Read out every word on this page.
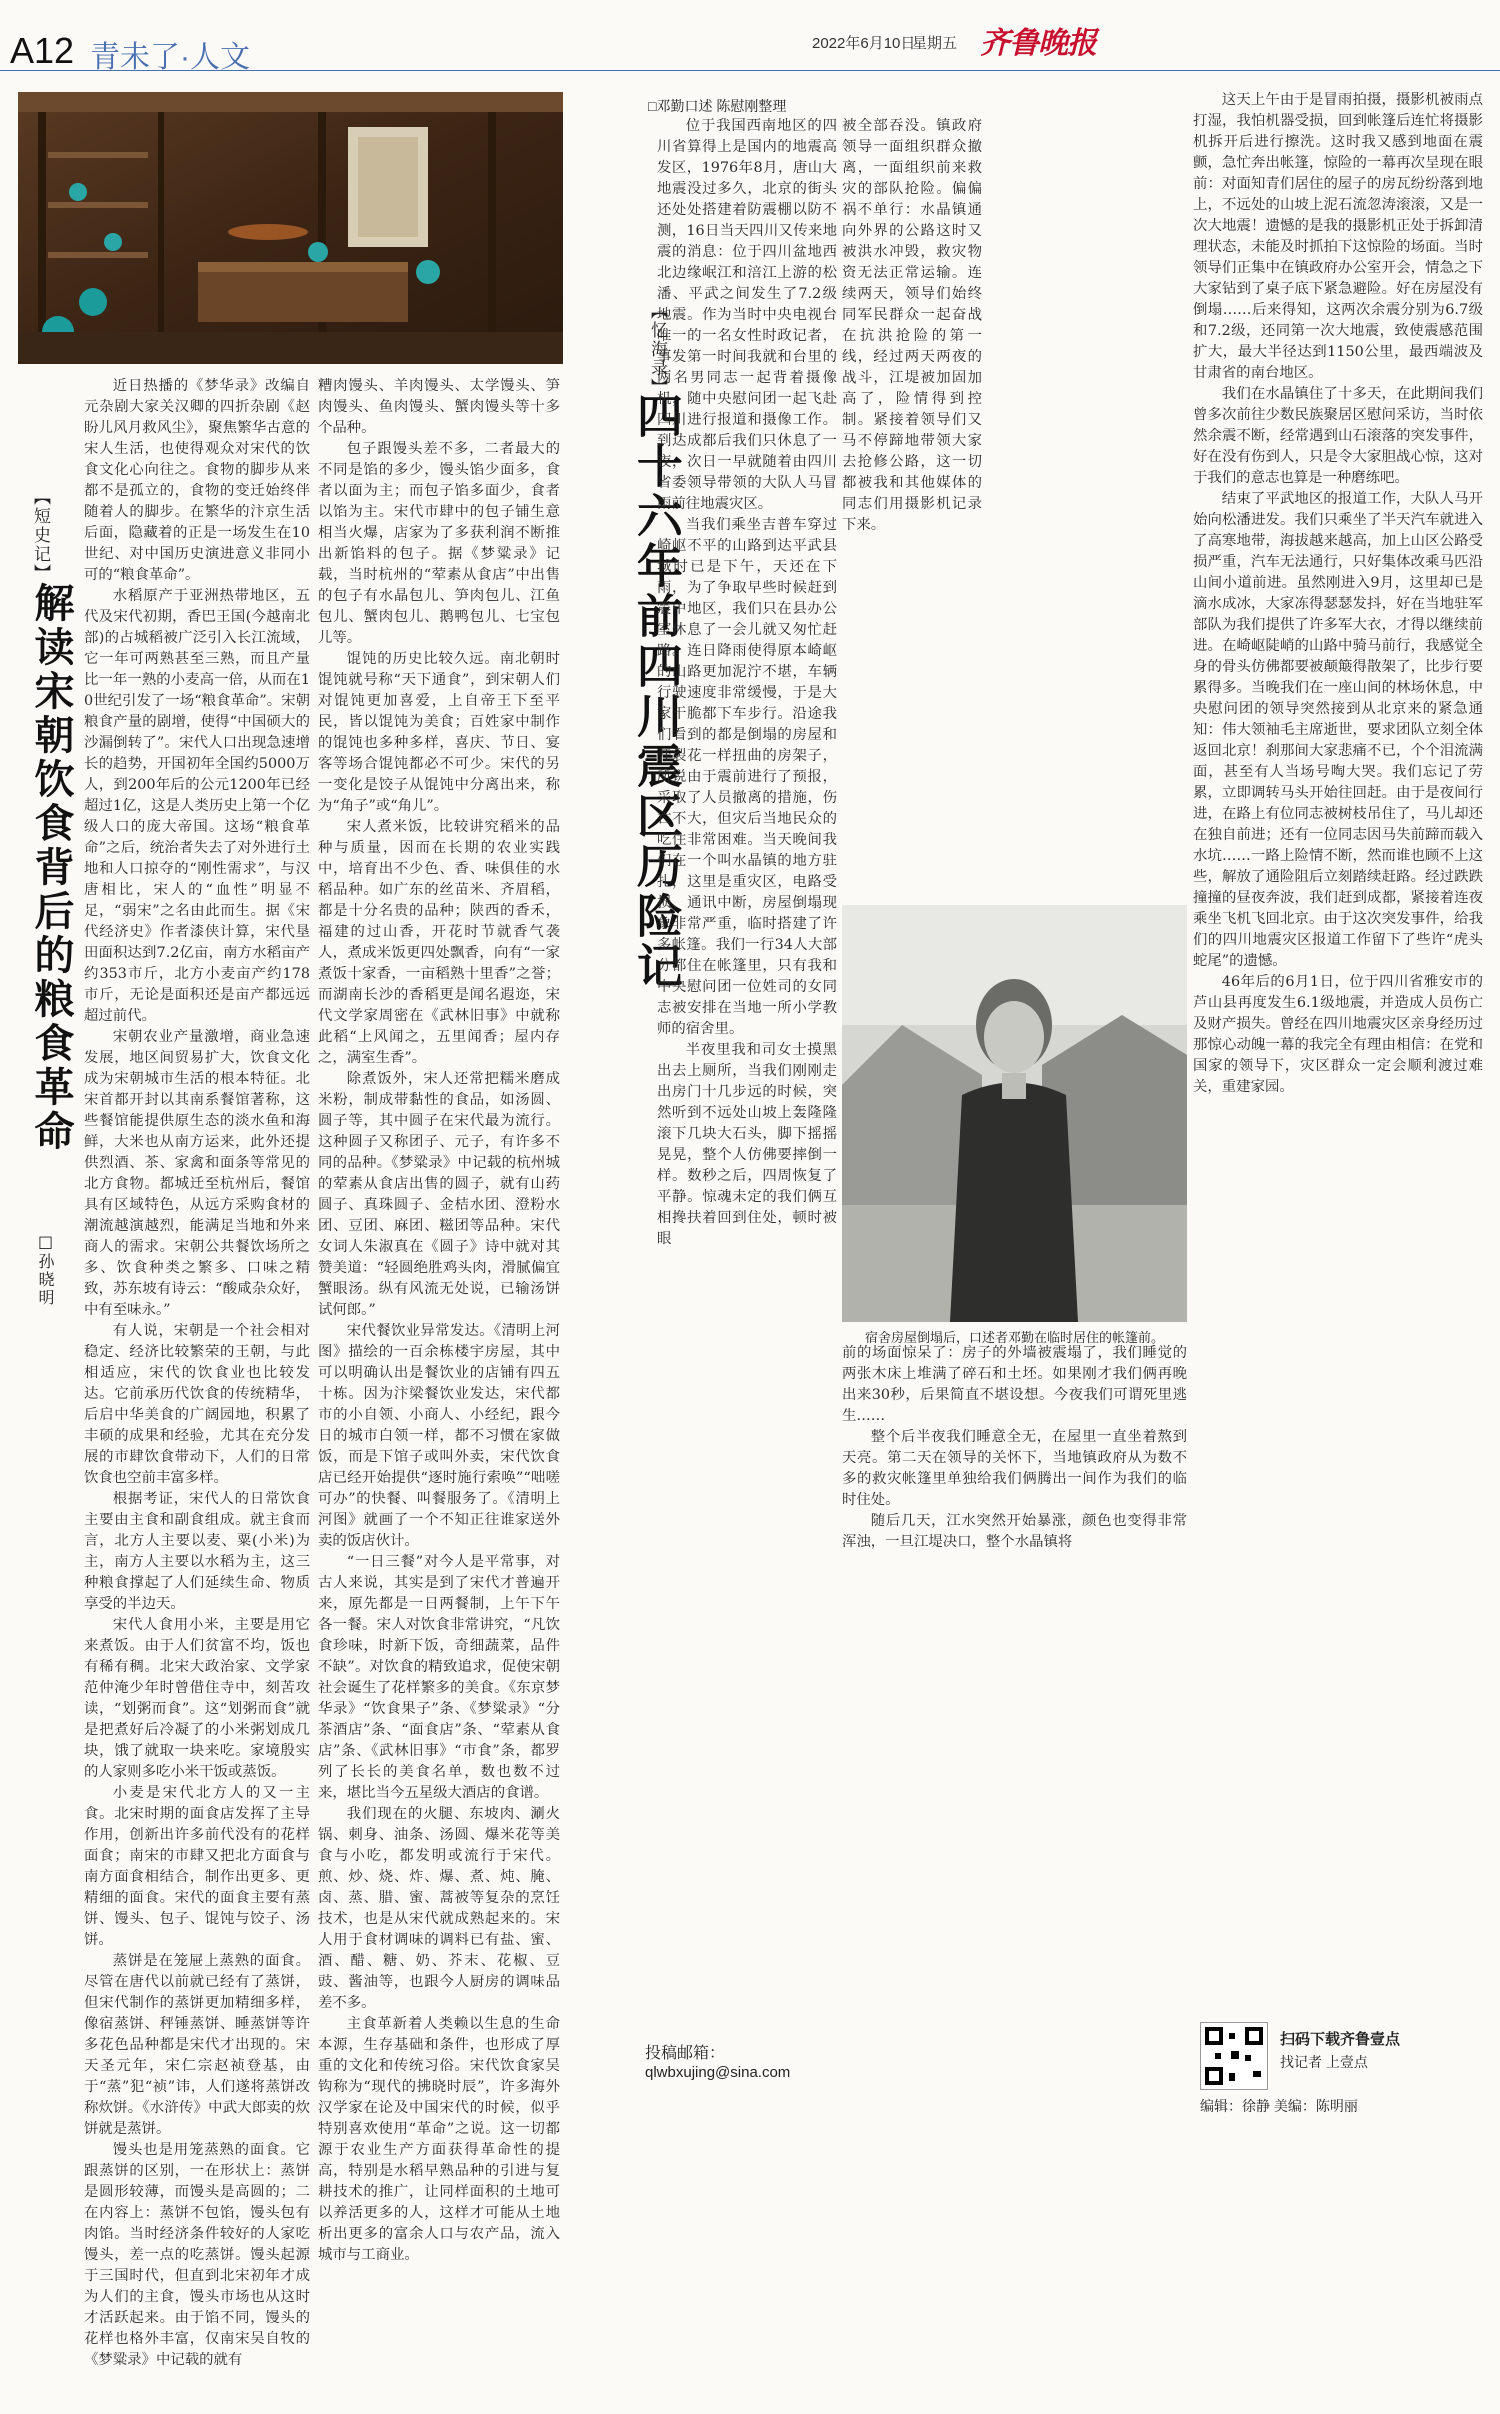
A12 青未了·人文	2022年6月10日
星期五 齐鲁晚报
【短史记】
解读宋朝饮食背后的粮食革命
□孙晓明

近日热播的《梦华录》改编自元杂剧大家关汉卿的四折杂剧《赵盼儿风月救风尘》，聚焦繁华古意的宋人生活，也使得观众对宋代的饮食文化心向往之。食物的脚步从来都不是孤立的，食物的变迁始终伴随着人的脚步。在繁华的汴京生活后面，隐藏着的正是一场发生在10世纪、对中国历史演进意义非同小可的“粮食革命”。

水稻原产于亚洲热带地区，五代及宋代初期，香巴王国(今越南北部)的占城稻被广泛引入长江流域，它一年可两熟甚至三熟，而且产量比一年一熟的小麦高一倍，从而在10世纪引发了一场“粮食革命”。宋朝粮食产量的剧增，使得“中国硕大的沙漏倒转了”。宋代人口出现急速增长的趋势，开国初年全国约5000万人，到200年后的公元1200年已经超过1亿，这是人类历史上第一个亿级人口的庞大帝国。这场“粮食革命”之后，统治者失去了对外进行土地和人口掠夺的“刚性需求”，与汉唐相比，宋人的“血性”明显不足，“弱宋”之名由此而生。据《宋代经济史》作者漆侠计算，宋代垦田面积达到7.2亿亩，南方水稻亩产约353市斤，北方小麦亩产约178市斤，无论是面积还是亩产都远远超过前代。

宋朝农业产量激增，商业急速发展，地区间贸易扩大，饮食文化成为宋朝城市生活的根本特征。北宋首都开封以其南系餐馆著称，这些餐馆能提供原生态的淡水鱼和海鲜，大米也从南方运来，此外还提供烈酒、茶、家禽和面条等常见的北方食物。都城迁至杭州后，餐馆具有区域特色，从远方采购食材的潮流越演越烈，能满足当地和外来商人的需求。宋朝公共餐饮场所之多、饮食种类之繁多、口味之精致，苏东坡有诗云：“酸咸杂众好，中有至味永。”

有人说，宋朝是一个社会相对稳定、经济比较繁荣的王朝，与此相适应，宋代的饮食业也比较发达。它前承历代饮食的传统精华，后启中华美食的广阔园地，积累了丰硕的成果和经验，尤其在充分发展的市肆饮食带动下，人们的日常饮食也空前丰富多样。

根据考证，宋代人的日常饮食主要由主食和副食组成。就主食而言，北方人主要以麦、粟(小米)为主，南方人主要以水稻为主，这三种粮食撑起了人们延续生命、物质享受的半边天。

宋代人食用小米，主要是用它来煮饭。由于人们贫富不均，饭也有稀有稠。北宋大政治家、文学家范仲淹少年时曾借住寺中，刻苦攻读，“划粥而食”。这“划粥而食”就是把煮好后冷凝了的小米粥划成几块，饿了就取一块来吃。家境殷实的人家则多吃小米干饭或蒸饭。

小麦是宋代北方人的又一主食。北宋时期的面食店发挥了主导作用，创新出许多前代没有的花样面食；南宋的市肆又把北方面食与南方面食相结合，制作出更多、更精细的面食。宋代的面食主要有蒸饼、馒头、包子、馄饨与饺子、汤饼。

蒸饼是在笼屉上蒸熟的面食。尽管在唐代以前就已经有了蒸饼，但宋代制作的蒸饼更加精细多样，像宿蒸饼、秤锤蒸饼、睡蒸饼等许多花色品种都是宋代才出现的。宋天圣元年，宋仁宗赵祯登基，由于“蒸”犯“祯”讳，人们遂将蒸饼改称炊饼。《水浒传》中武大郎卖的炊饼就是蒸饼。

馒头也是用笼蒸熟的面食。它跟蒸饼的区别，一在形状上：蒸饼是圆形较薄，而馒头是高圆的；二在内容上：蒸饼不包馅，馒头包有肉馅。当时经济条件较好的人家吃馒头，差一点的吃蒸饼。馒头起源于三国时代，但直到北宋初年才成为人们的主食，馒头市场也从这时才活跃起来。由于馅不同，馒头的花样也格外丰富，仅南宋吴自牧的《梦粱录》中记载的就有

糟肉馒头、羊肉馒头、太学馒头、笋肉馒头、鱼肉馒头、蟹肉馒头等十多个品种。

包子跟馒头差不多，二者最大的不同是馅的多少，馒头馅少面多，食者以面为主；而包子馅多面少，食者以馅为主。宋代市肆中的包子铺生意相当火爆，店家为了多获利润不断推出新馅料的包子。据《梦粱录》记载，当时杭州的“荤素从食店”中出售的包子有水晶包儿、笋肉包儿、江鱼包儿、蟹肉包儿、鹅鸭包儿、七宝包儿等。

馄饨的历史比较久远。南北朝时馄饨就号称“天下通食”，到宋朝人们对馄饨更加喜爱，上自帝王下至平民，皆以馄饨为美食；百姓家中制作的馄饨也多种多样，喜庆、节日、宴客等场合馄饨都必不可少。宋代的另一变化是饺子从馄饨中分离出来，称为“角子”或“角儿”。

宋人煮米饭，比较讲究稻米的品种与质量，因而在长期的农业实践中，培育出不少色、香、味俱佳的水稻品种。如广东的丝苗米、齐眉稻，都是十分名贵的品种；陕西的香禾，福建的过山香，开花时节就香气袭人，煮成米饭更四处飘香，向有“一家煮饭十家香，一亩稻熟十里香”之誉；而湖南长沙的香稻更是闻名遐迩，宋代文学家周密在《武林旧事》中就称此稻“上风闻之，五里闻香；屋内存之，满室生香”。

除煮饭外，宋人还常把糯米磨成米粉，制成带黏性的食品，如汤圆、圆子等，其中圆子在宋代最为流行。这种圆子又称团子、元子，有许多不同的品种。《梦粱录》中记载的杭州城的荤素从食店出售的圆子，就有山药圆子、真珠圆子、金桔水团、澄粉水团、豆团、麻团、糍团等品种。宋代女词人朱淑真在《圆子》诗中就对其赞美道：“轻圆绝胜鸡头肉，滑腻偏宜蟹眼汤。纵有风流无处说，已输汤饼试何郎。”

宋代餐饮业异常发达。《清明上河图》描绘的一百余栋楼宇房屋，其中可以明确认出是餐饮业的店铺有四五十栋。因为汴梁餐饮业发达，宋代都市的小自领、小商人、小经纪，跟今日的城市白领一样，都不习惯在家做饭，而是下馆子或叫外卖，宋代饮食店已经开始提供“逐时施行索唤”“咄嗟可办”的快餐、叫餐服务了。《清明上河图》就画了一个不知正往谁家送外卖的饭店伙计。

“一日三餐”对今人是平常事，对古人来说，其实是到了宋代才普遍开来，原先都是一日两餐制，上午下午各一餐。宋人对饮食非常讲究，“凡饮食珍味，时新下饭，奇细蔬菜，品件不缺”。对饮食的精致追求，促使宋朝社会诞生了花样繁多的美食。《东京梦华录》“饮食果子”条、《梦粱录》“分茶酒店”条、“面食店”条、“荤素从食店”条、《武林旧事》“市食”条，都罗列了长长的美食名单，数也数不过来，堪比当今五星级大酒店的食谱。

我们现在的火腿、东坡肉、涮火锅、刺身、油条、汤圆、爆米花等美食与小吃，都发明或流行于宋代。煎、炒、烧、炸、爆、煮、炖、腌、卤、蒸、腊、蜜、蒿被等复杂的烹饪技术，也是从宋代就成熟起来的。宋人用于食材调味的调料已有盐、蜜、酒、醋、糖、奶、芥末、花椒、豆豉、酱油等，也跟今人厨房的调味品差不多。

主食革新着人类赖以生息的生命本源，生存基础和条件，也形成了厚重的文化和传统习俗。宋代饮食家吴钩称为“现代的拂晓时辰”，许多海外汉学家在论及中国宋代的时候，似乎特别喜欢使用“革命”之说。这一切都源于农业生产方面获得革命性的提高，特别是水稻早熟品种的引进与复耕技术的推广，让同样面积的土地可以养活更多的人，这样才可能从土地析出更多的富余人口与农产品，流入城市与工商业。

【忆海录】
四十六年前四川震区历险记
□邓勤口述 陈慰刚整理

位于我国西南地区的四川省算得上是国内的地震高发区，1976年8月，唐山大地震没过多久，北京的街头还处处搭建着防震棚以防不测，16日当天四川又传来地震的消息：位于四川盆地西北边缘岷江和涪江上游的松潘、平武之间发生了7.2级地震。作为当时中央电视台唯一的一名女性时政记者，事发第一时间我就和台里的两名男同志一起背着摄像机，随中央慰问团一起飞赴四川进行报道和摄像工作。到达成都后我们只休息了一夜，次日一早就随着由四川省委领导带领的大队人马冒雨前往地震灾区。

当我们乘坐吉普车穿过崎岖不平的山路到达平武县城时已是下午，天还在下雨，为了争取早些时候赶到震中地区，我们只在县办公室休息了一会儿就又匆忙赶路。连日降雨使得原本崎岖的山路更加泥泞不堪，车辆行驶速度非常缓慢，于是大家干脆都下车步行。沿途我们看到的都是倒塌的房屋和开裂花一样扭曲的房架子，所说由于震前进行了预报，采取了人员撤离的措施，伤亡不大，但灾后当地民众的吃住非常困难。当天晚间我们在一个叫水晶镇的地方驻扎，这里是重灾区，电路受损、通讯中断，房屋倒塌现象非常严重，临时搭建了许多帐篷。我们一行34人大部分都住在帐篷里，只有我和中央慰问团一位姓司的女同志被安排在当地一所小学教师的宿舍里。

半夜里我和司女士摸黑出去上厕所，当我们刚刚走出房门十几步远的时候，突然听到不远处山坡上轰隆隆滚下几块大石头，脚下摇摇晃晃，整个人仿佛要摔倒一样。数秒之后，四周恢复了平静。惊魂未定的我们俩互相搀扶着回到住处，顿时被眼

被全部吞没。镇政府领导一面组织群众撤离，一面组织前来救灾的部队抢险。偏偏祸不单行：水晶镇通向外界的公路这时又被洪水冲毁，救灾物资无法正常运输。连续两天，领导们始终同军民群众一起奋战在抗洪抢险的第一线，经过两天两夜的战斗，江堤被加固加高了，险情得到控制。紧接着领导们又马不停蹄地带领大家去抢修公路，这一切都被我和其他媒体的同志们用摄影机记录下来。

宿舍房屋倒塌后，口述者邓勤在临时居住的帐篷前。

前的场面惊呆了：房子的外墙被震塌了，我们睡觉的两张木床上堆满了碎石和土坯。如果刚才我们俩再晚出来30秒，后果简直不堪设想。今夜我们可谓死里逃生……

整个后半夜我们睡意全无，在屋里一直坐着熬到天亮。第二天在领导的关怀下，当地镇政府从为数不多的救灾帐篷里单独给我们俩腾出一间作为我们的临时住处。

随后几天，江水突然开始暴涨，颜色也变得非常浑浊，一旦江堤决口，整个水晶镇将

这天上午由于是冒雨拍摄，摄影机被雨点打湿，我怕机器受损，回到帐篷后连忙将摄影机拆开后进行擦洗。这时我又感到地面在震颤，急忙奔出帐篷，惊险的一幕再次呈现在眼前：对面知青们居住的屋子的房瓦纷纷落到地上，不远处的山坡上泥石流忽涛滚滚，又是一次大地震！遗憾的是我的摄影机正处于拆卸清理状态，未能及时抓拍下这惊险的场面。当时领导们正集中在镇政府办公室开会，情急之下大家钻到了桌子底下紧急避险。好在房屋没有倒塌……后来得知，这两次余震分别为6.7级和7.2级，还同第一次大地震，致使震感范围扩大，最大半径达到1150公里，最西端波及甘肃省的南台地区。

我们在水晶镇住了十多天，在此期间我们曾多次前往少数民族聚居区慰问采访，当时依然余震不断，经常遇到山石滚落的突发事件，好在没有伤到人，只是令大家胆战心惊，这对于我们的意志也算是一种磨练吧。

结束了平武地区的报道工作，大队人马开始向松潘进发。我们只乘坐了半天汽车就进入了高寒地带，海拔越来越高，加上山区公路受损严重，汽车无法通行，只好集体改乘马匹沿山间小道前进。虽然刚进入9月，这里却已是滴水成冰，大家冻得瑟瑟发抖，好在当地驻军部队为我们提供了许多军大衣，才得以继续前进。在崎岖陡峭的山路中骑马前行，我感觉全身的骨头仿佛都要被颠簸得散架了，比步行要累得多。当晚我们在一座山间的林场休息，中央慰问团的领导突然接到从北京来的紧急通知：伟大领袖毛主席逝世，要求团队立刻全体返回北京！刹那间大家悲痛不已，个个泪流满面，甚至有人当场号啕大哭。我们忘记了劳累，立即调转马头开始往回赶。由于是夜间行进，在路上有位同志被树枝吊住了，马儿却还在独自前进；还有一位同志因马失前蹄而载入水坑……一路上险情不断，然而谁也顾不上这些，解放了通险阻后立刻踏续赶路。经过跌跌撞撞的昼夜奔波，我们赶到成都，紧接着连夜乘坐飞机飞回北京。由于这次突发事件，给我们的四川地震灾区报道工作留下了些许“虎头蛇尾”的遗憾。

46年后的6月1日，位于四川省雅安市的芦山县再度发生6.1级地震，并造成人员伤亡及财产损失。曾经在四川地震灾区亲身经历过那惊心动魄一幕的我完全有理由相信：在党和国家的领导下，灾区群众一定会顺利渡过难关，重建家园。

投稿邮箱：
qlwbxujing@sina.com
扫码下载齐鲁壹点
找记者 上壹点
编辑：徐静 美编：陈明丽
